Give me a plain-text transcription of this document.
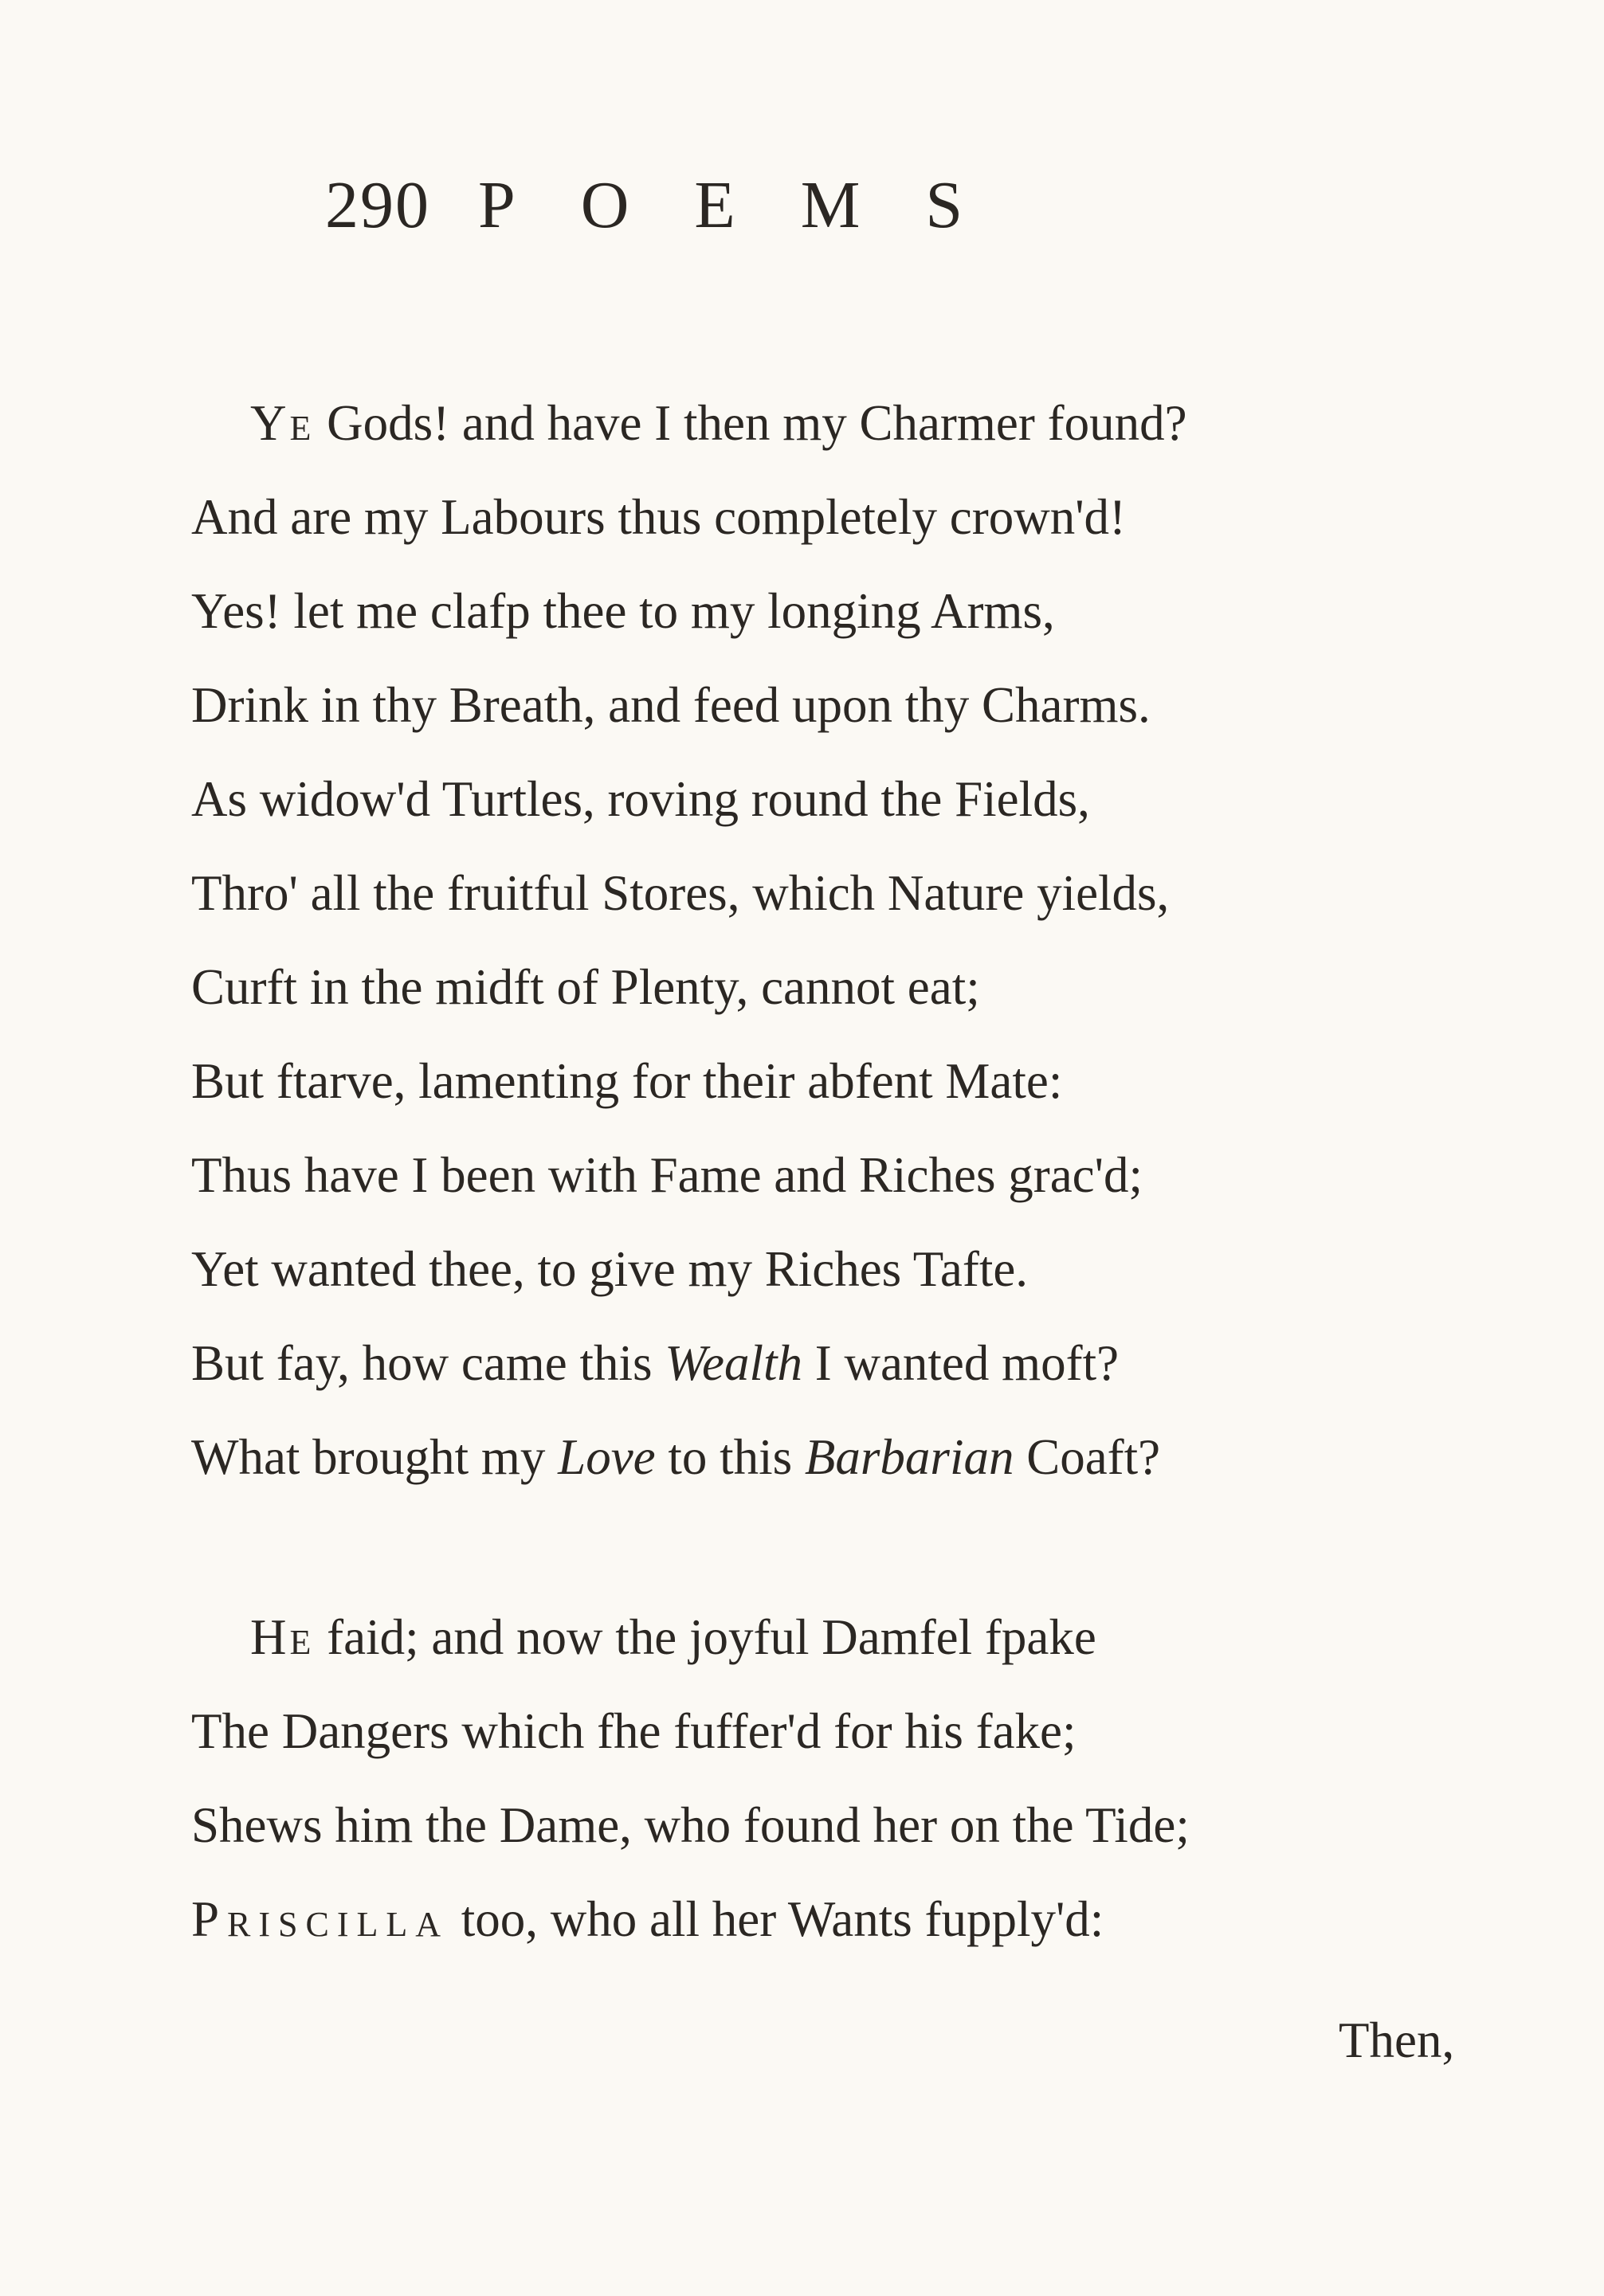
290 POEMS
Ye Gods! and have I then my Charmer found?
And are my Labours thus completely crown'd!
Yes! let me clafp thee to my longing Arms,
Drink in thy Breath, and feed upon thy Charms.
As widow'd Turtles, roving round the Fields,
Thro' all the fruitful Stores, which Nature yields,
Curft in the midft of Plenty, cannot eat;
But ftarve, lamenting for their abfent Mate:
Thus have I been with Fame and Riches grac'd;
Yet wanted thee, to give my Riches Tafte.
But fay, how came this Wealth I wanted moft?
What brought my Love to this Barbarian Coaft?
He faid; and now the joyful Damfel fpake
The Dangers which fhe fuffer'd for his fake;
Shews him the Dame, who found her on the Tide;
Priscilla too, who all her Wants fupply'd:
Then,
